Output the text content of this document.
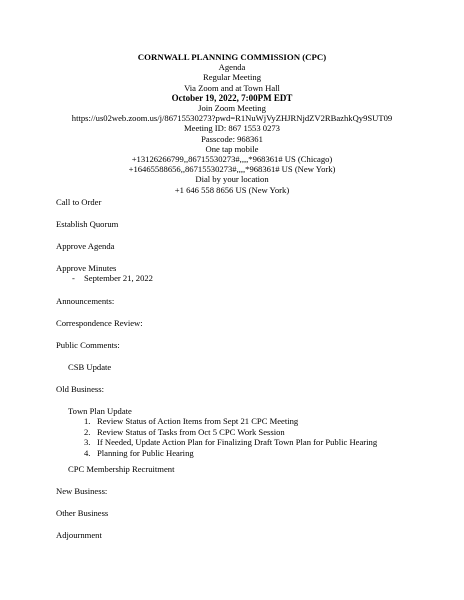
CORNWALL PLANNING COMMISSION (CPC)
Agenda
Regular Meeting
Via Zoom and at Town Hall
October 19, 2022, 7:00PM EDT
Join Zoom Meeting
https://us02web.zoom.us/j/86715530273?pwd=R1NuWjVyZHJRNjdZV2RBazhkQy9SUT09
Meeting ID: 867 1553 0273
Passcode: 968361
One tap mobile
+13126266799,,86715530273#,,,,*968361# US (Chicago)
+16465588656,,86715530273#,,,,*968361# US (New York)
Dial by your location
+1 646 558 8656 US (New York)
Call to Order
Establish Quorum
Approve Agenda
Approve Minutes
- September 21, 2022
Announcements:
Correspondence Review:
Public Comments:
CSB Update
Old Business:
Town Plan Update
1. Review Status of Action Items from Sept 21 CPC Meeting
2. Review Status of Tasks from Oct 5 CPC Work Session
3. If Needed, Update Action Plan for Finalizing Draft Town Plan for Public Hearing
4. Planning for Public Hearing
CPC Membership Recruitment
New Business:
Other Business
Adjournment
